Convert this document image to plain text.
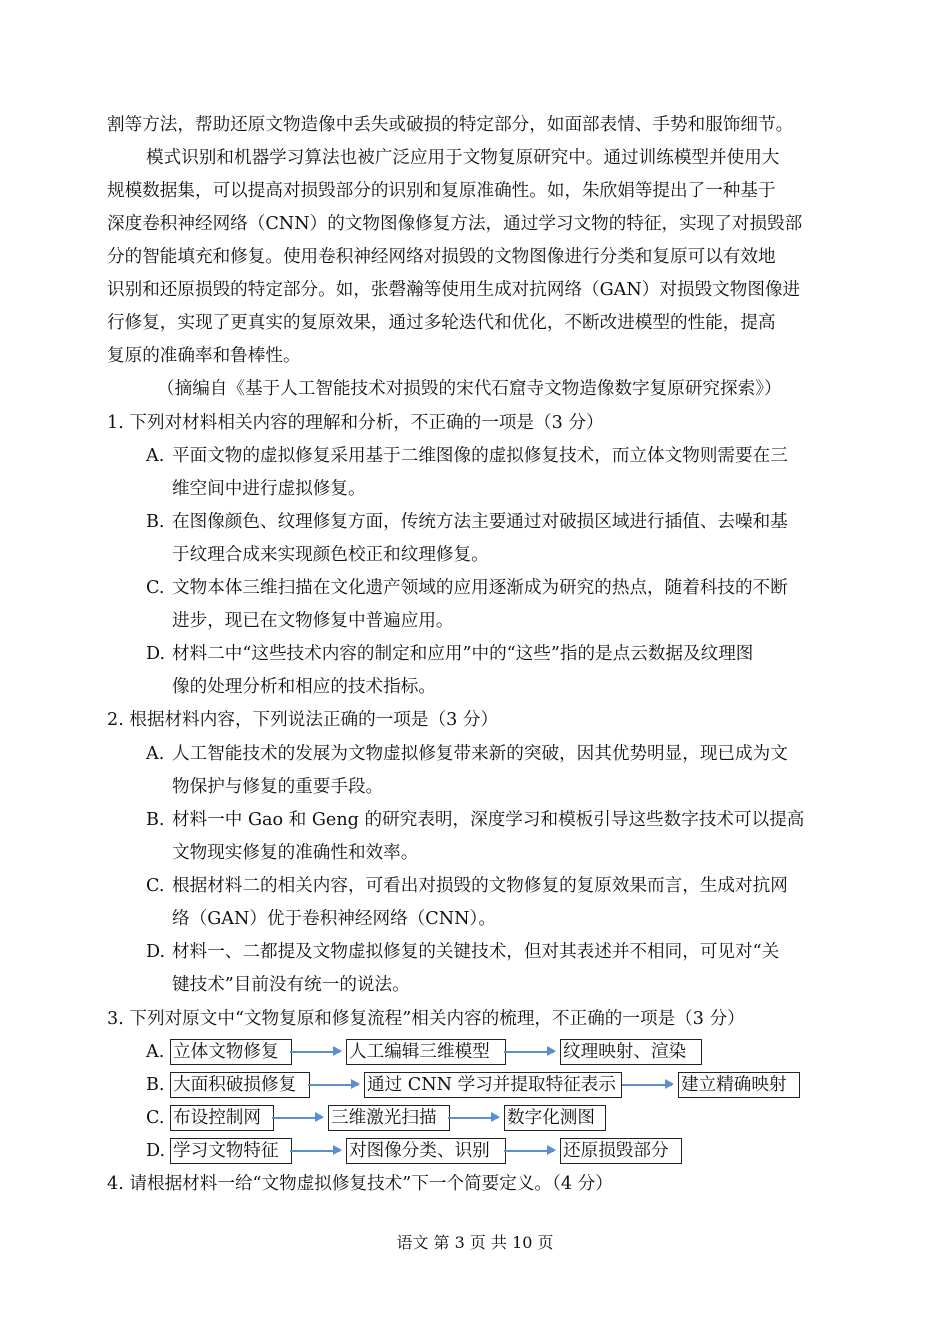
割等方法，帮助还原文物造像中丢失或破损的特定部分，如面部表情、手势和服饰细节。
模式识别和机器学习算法也被广泛应用于文物复原研究中。通过训练模型并使用大
规模数据集，可以提高对损毁部分的识别和复原准确性。如，朱欣娟等提出了一种基于
深度卷积神经网络（CNN）的文物图像修复方法，通过学习文物的特征，实现了对损毁部
分的智能填充和修复。使用卷积神经网络对损毁的文物图像进行分类和复原可以有效地
识别和还原损毁的特定部分。如，张磬瀚等使用生成对抗网络（GAN）对损毁文物图像进
行修复，实现了更真实的复原效果，通过多轮迭代和优化，不断改进模型的性能，提高
复原的准确率和鲁棒性。
（摘编自《基于人工智能技术对损毁的宋代石窟寺文物造像数字复原研究探索》）
1. 下列对材料相关内容的理解和分析，不正确的一项是（3 分）
A. 平面文物的虚拟修复采用基于二维图像的虚拟修复技术，而立体文物则需要在三
维空间中进行虚拟修复。
B. 在图像颜色、纹理修复方面，传统方法主要通过对破损区域进行插值、去噪和基
于纹理合成来实现颜色校正和纹理修复。
C. 文物本体三维扫描在文化遗产领域的应用逐渐成为研究的热点，随着科技的不断
进步，现已在文物修复中普遍应用。
D. 材料二中“这些技术内容的制定和应用”中的“这些”指的是点云数据及纹理图
像的处理分析和相应的技术指标。
2. 根据材料内容，下列说法正确的一项是（3 分）
A. 人工智能技术的发展为文物虚拟修复带来新的突破，因其优势明显，现已成为文
物保护与修复的重要手段。
B. 材料一中 Gao 和 Geng 的研究表明，深度学习和模板引导这些数字技术可以提高
文物现实修复的准确性和效率。
C. 根据材料二的相关内容，可看出对损毁的文物修复的复原效果而言，生成对抗网
络（GAN）优于卷积神经网络（CNN）。
D. 材料一、二都提及文物虚拟修复的关键技术，但对其表述并不相同，可见对“关
键技术”目前没有统一的说法。
3. 下列对原文中“文物复原和修复流程”相关内容的梳理，不正确的一项是（3 分）
A. 立体文物修复	人工编辑三维模型	纹理映射、渲染
B. 大面积破损修复	通过 CNN 学习并提取特征表示	建立精确映射
C. 布设控制网	三维激光扫描	数字化测图
D. 学习文物特征	对图像分类、识别	还原损毁部分
4. 请根据材料一给“文物虚拟修复技术”下一个简要定义。（4 分）
语文 第 3 页 共 10 页
